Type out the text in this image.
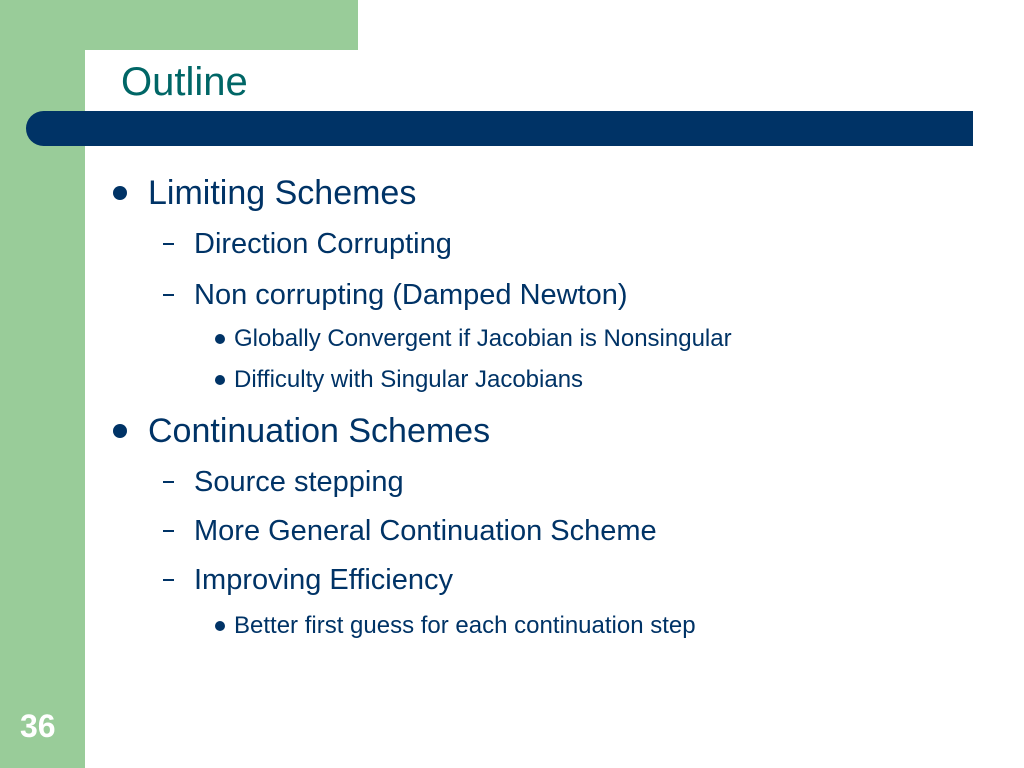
Outline
Limiting Schemes
Direction Corrupting
Non corrupting (Damped Newton)
Globally Convergent if Jacobian is Nonsingular
Difficulty with Singular Jacobians
Continuation Schemes
Source stepping
More General Continuation Scheme
Improving Efficiency
Better first guess for each continuation step
36
